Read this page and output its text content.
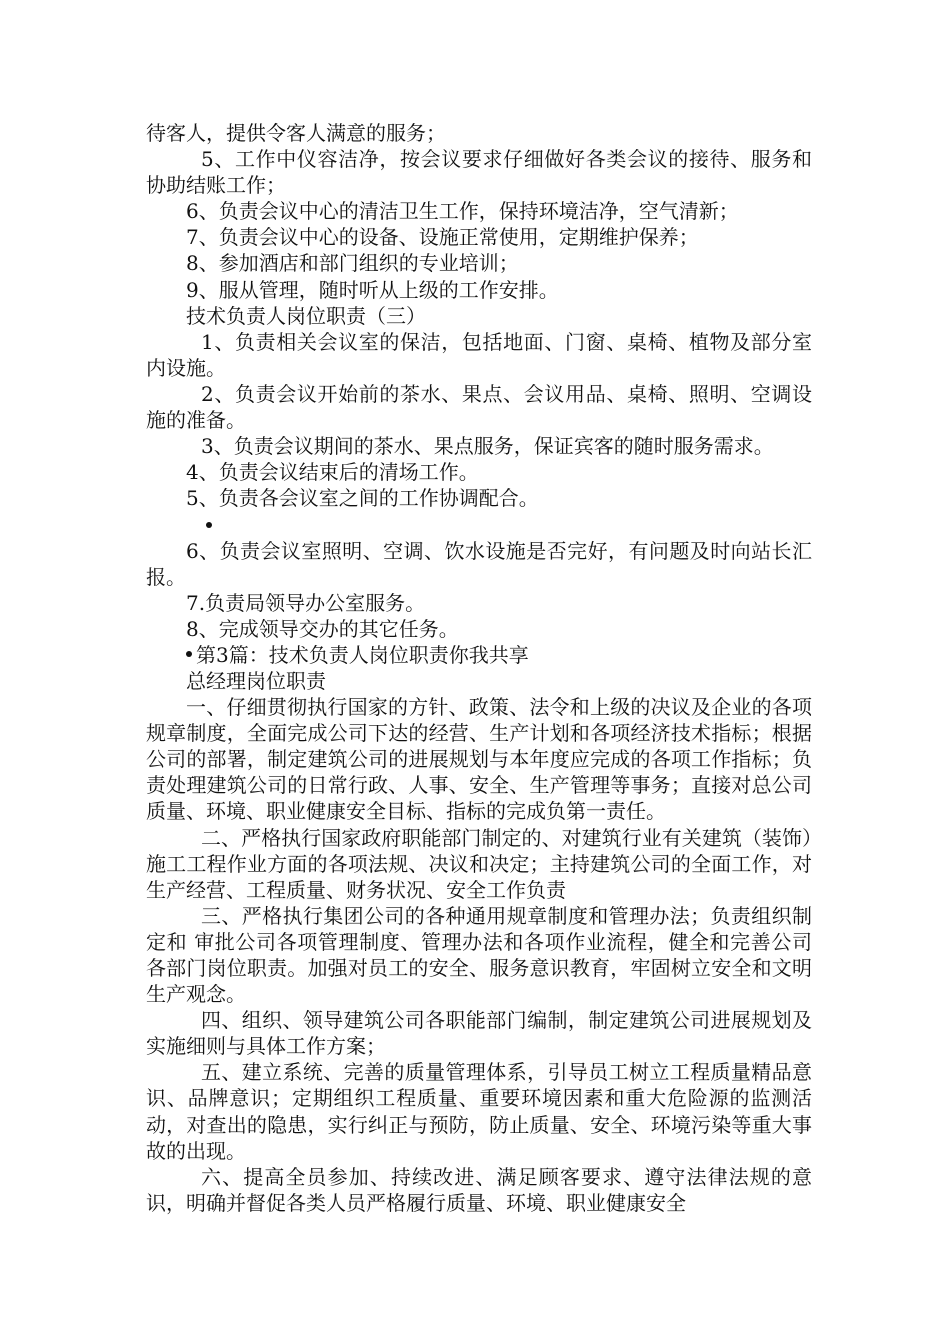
待客人，提供令客人满意的服务；

5、工作中仪容洁净，按会议要求仔细做好各类会议的接待、服务和协助结账工作；

6、负责会议中心的清洁卫生工作，保持环境洁净，空气清新；

7、负责会议中心的设备、设施正常使用，定期维护保养；

8、参加酒店和部门组织的专业培训；

9、服从管理，随时听从上级的工作安排。

技术负责人岗位职责（三）

1、负责相关会议室的保洁，包括地面、门窗、桌椅、植物及部分室内设施。

2、负责会议开始前的茶水、果点、会议用品、桌椅、照明、空调设施的准备。

3、负责会议期间的茶水、果点服务，保证宾客的随时服务需求。

4、负责会议结束后的清场工作。

5、负责各会议室之间的工作协调配合。

6、负责会议室照明、空调、饮水设施是否完好，有问题及时向站长汇报。

7.负责局领导办公室服务。

8、完成领导交办的其它任务。

第3篇：技术负责人岗位职责你我共享

总经理岗位职责

一、仔细贯彻执行国家的方针、政策、法令和上级的决议及企业的各项规章制度，全面完成公司下达的经营、生产计划和各项经济技术指标；根据公司的部署，制定建筑公司的进展规划与本年度应完成的各项工作指标；负责处理建筑公司的日常行政、人事、安全、生产管理等事务；直接对总公司质量、环境、职业健康安全目标、指标的完成负第一责任。

二、严格执行国家政府职能部门制定的、对建筑行业有关建筑（装饰）施工工程作业方面的各项法规、决议和决定；主持建筑公司的全面工作，对生产经营、工程质量、财务状况、安全工作负责

三、严格执行集团公司的各种通用规章制度和管理办法；负责组织制定和 审批公司各项管理制度、管理办法和各项作业流程，健全和完善公司 各部门岗位职责。加强对员工的安全、服务意识教育，牢固树立安全和文明生产观念。

四、组织、领导建筑公司各职能部门编制，制定建筑公司进展规划及实施细则与具体工作方案；

五、建立系统、完善的质量管理体系，引导员工树立工程质量精品意识、品牌意识；定期组织工程质量、重要环境因素和重大危险源的监测活动，对查出的隐患，实行纠正与预防，防止质量、安全、环境污染等重大事故的出现。

六、提高全员参加、持续改进、满足顾客要求、遵守法律法规的意识，明确并督促各类人员严格履行质量、环境、职业健康安全
